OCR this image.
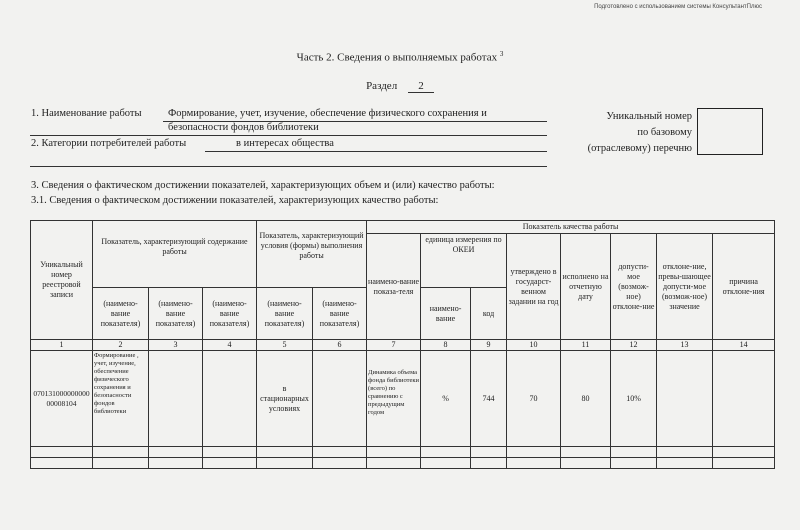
Подготовлено с использованием системы КонсультантПлюс
Часть 2. Сведения о выполняемых работах $^3$
Раздел 2
1. Наименование работы	Формирование, учет, изучение, обеспечение физического сохранения и
безопасности фондов библиотеки
2. Категории потребителей работы	в интересах общества
Уникальный номер
по базовому
(отраслевому) перечню
3. Сведения о фактическом достижении показателей, характеризующих объем и (или) качество работы:
3.1. Сведения о фактическом достижении показателей, характеризующих качество работы:
Уникальный номер реестровой записи	Показатель, характеризующий содержание работы			Показатель, характеризующий условия (формы) выполнения работы		Показатель качества работы							
						наимено-вание показа-теля	единица измерения по ОКЕИ		утверждено в государст-венном задании на год	исполнено на отчетную дату	допусти-мое (возмож-ное) отклоне-ние	отклоне-ние, превы-шающее допусти-мое (возмож-ное) значение	причина отклоне-ния
	(наимено-вание показателя)	(наимено-вание показателя)	(наимено-вание показателя)	(наимено-вание показателя)	(наимено-вание показателя)		наимено-вание	код					
1	2	3	4	5	6	7	8	9	10	11	12	13	14
07013100000000000008104	Формирование , учет, изучение, обеспечение физического сохранения и безопасности фондов библиотеки			в стационарных условиях		Динамика объема фонда библиотеки (всего) по сравнению с предыдущим годом	%	744	70	80	10%		
